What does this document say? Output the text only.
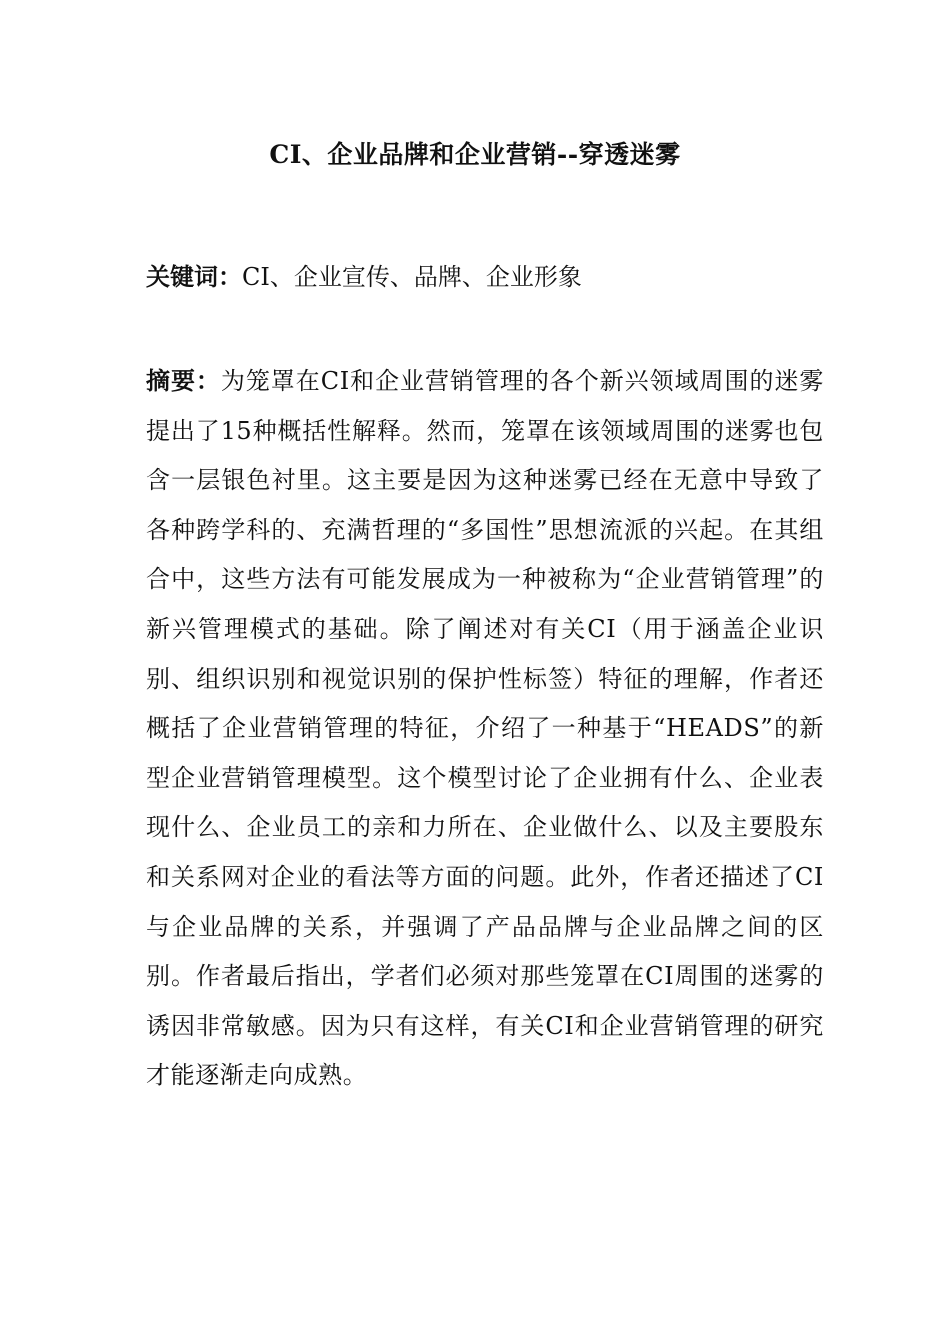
CI、企业品牌和企业营销--穿透迷雾

关键词：CI、企业宣传、品牌、企业形象

摘要：为笼罩在CI和企业营销管理的各个新兴领域周围的迷雾提出了15种概括性解释。然而，笼罩在该领域周围的迷雾也包含一层银色衬里。这主要是因为这种迷雾已经在无意中导致了各种跨学科的、充满哲理的“多国性”思想流派的兴起。在其组合中，这些方法有可能发展成为一种被称为“企业营销管理”的新兴管理模式的基础。除了阐述对有关CI（用于涵盖企业识别、组织识别和视觉识别的保护性标签）特征的理解，作者还概括了企业营销管理的特征，介绍了一种基于“HEADS”的新型企业营销管理模型。这个模型讨论了企业拥有什么、企业表现什么、企业员工的亲和力所在、企业做什么、以及主要股东和关系网对企业的看法等方面的问题。此外，作者还描述了CI与企业品牌的关系，并强调了产品品牌与企业品牌之间的区别。作者最后指出，学者们必须对那些笼罩在CI周围的迷雾的诱因非常敏感。因为只有这样，有关CI和企业营销管理的研究才能逐渐走向成熟。
